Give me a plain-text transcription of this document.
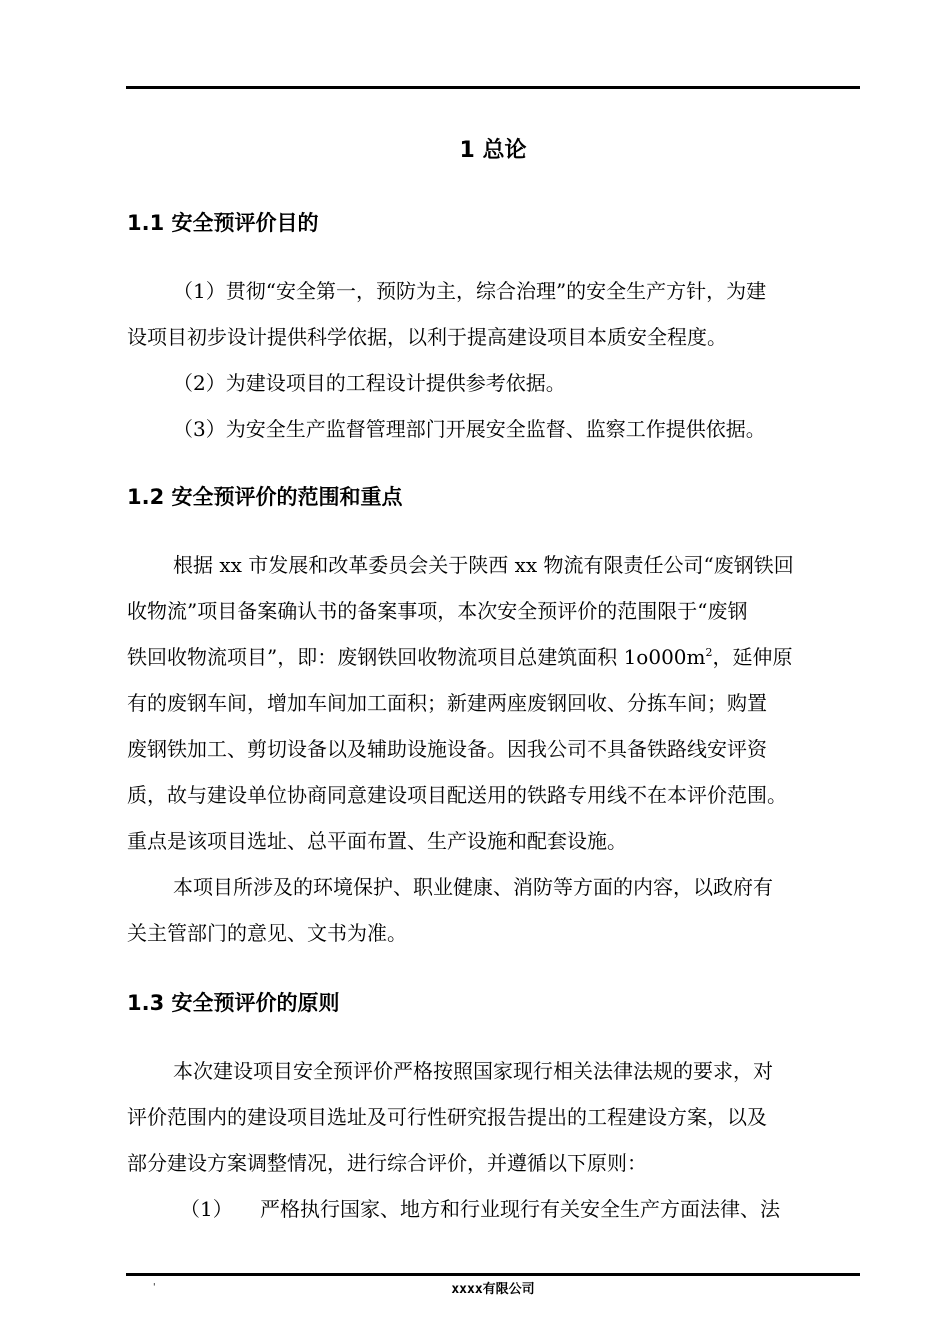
1 总论
1.1 安全预评价目的
（1）贯彻“安全第一，预防为主，综合治理”的安全生产方针，为建
设项目初步设计提供科学依据，以利于提高建设项目本质安全程度。
（2）为建设项目的工程设计提供参考依据。
（3）为安全生产监督管理部门开展安全监督、监察工作提供依据。
1.2 安全预评价的范围和重点
根据 xx 市发展和改革委员会关于陕西 xx 物流有限责任公司“废钢铁回
收物流”项目备案确认书的备案事项，本次安全预评价的范围限于“废钢
铁回收物流项目”，即：废钢铁回收物流项目总建筑面积 $1o000m^2$，延伸原
有的废钢车间，增加车间加工面积；新建两座废钢回收、分拣车间；购置
废钢铁加工、剪切设备以及辅助设施设备。因我公司不具备铁路线安评资
质，故与建设单位协商同意建设项目配送用的铁路专用线不在本评价范围。
重点是该项目选址、总平面布置、生产设施和配套设施。
本项目所涉及的环境保护、职业健康、消防等方面的内容，以政府有
关主管部门的意见、文书为准。
1.3 安全预评价的原则
本次建设项目安全预评价严格按照国家现行相关法律法规的要求，对
评价范围内的建设项目选址及可行性研究报告提出的工程建设方案，以及
部分建设方案调整情况，进行综合评价，并遵循以下原则：
（1） 严格执行国家、地方和行业现行有关安全生产方面法律、法
'	xxxx有限公司
